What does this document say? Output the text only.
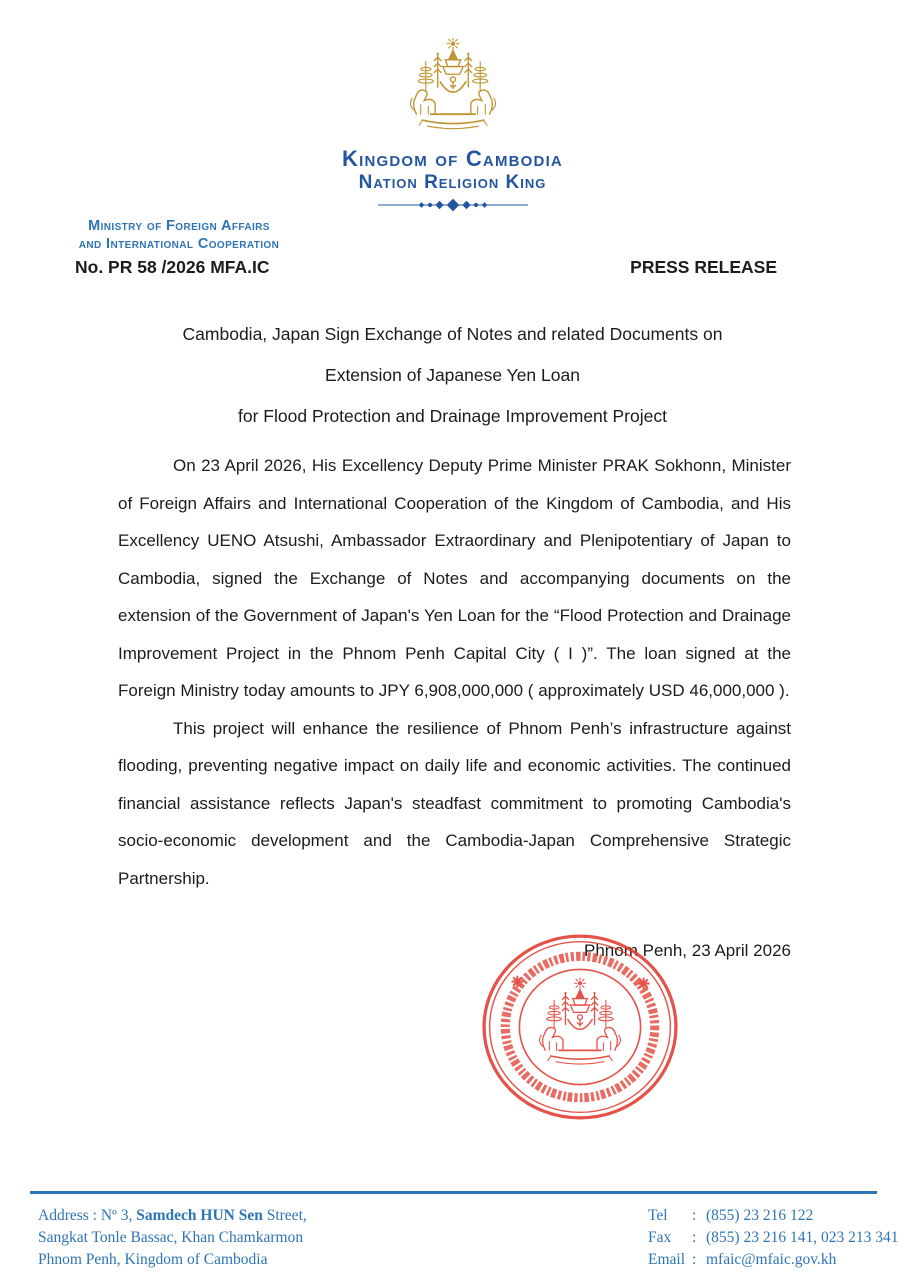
Kingdom of Cambodia
Nation Religion King
Ministry of Foreign Affairs
and International Cooperation
No. PR 58 /2026 MFA.IC	PRESS RELEASE
Cambodia, Japan Sign Exchange of Notes and related Documents on
Extension of Japanese Yen Loan
for Flood Protection and Drainage Improvement Project

On 23 April 2026, His Excellency Deputy Prime Minister PRAK Sokhonn, Minister of Foreign Affairs and International Cooperation of the Kingdom of Cambodia, and His Excellency UENO Atsushi, Ambassador Extraordinary and Plenipotentiary of Japan to Cambodia, signed the Exchange of Notes and accompanying documents on the extension of the Government of Japan's Yen Loan for the “Flood Protection and Drainage Improvement Project in the Phnom Penh Capital City ( I )”. The loan signed at the Foreign Ministry today amounts to JPY 6,908,000,000 ( approximately USD 46,000,000 ).

This project will enhance the resilience of Phnom Penh’s infrastructure against flooding, preventing negative impact on daily life and economic activities. The continued financial assistance reflects Japan's steadfast commitment to promoting Cambodia's socio-economic development and the Cambodia-Japan Comprehensive Strategic Partnership.

Phnom Penh, 23 April 2026
Address : Nº 3, Samdech HUN Sen Street,
Sangkat Tonle Bassac, Khan Chamkarmon
Phnom Penh, Kingdom of Cambodia
Tel	: (855) 23 216 122
Fax	: (855) 23 216 141, 023 213 341
Email : mfaic@mfaic.gov.kh
